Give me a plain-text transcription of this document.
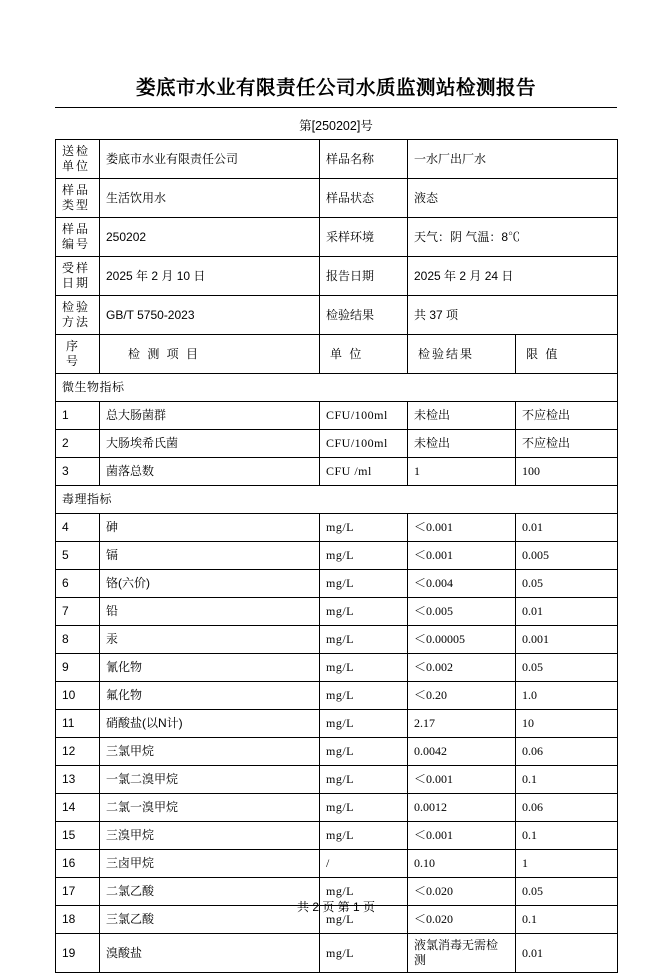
娄底市水业有限责任公司水质监测站检测报告
第[250202]号
送检单位	娄底市水业有限责任公司	样品名称	一水厂出厂水	
样品类型	生活饮用水	样品状态	液态	
样品编号	250202	采样环境	天气：阴 气温：8℃	
受样日期	2025 年 2 月 10 日	报告日期	2025 年 2 月 24 日	
检验方法	GB/T 5750-2023	检验结果	共 37 项	
序号	检 测 项 目	单 位	检验结果	限 值
微生物指标				
1	总大肠菌群	CFU/100ml	未检出	不应检出
2	大肠埃希氏菌	CFU/100ml	未检出	不应检出
3	菌落总数	CFU /ml	1	100
毒理指标				
4	砷	mg/L	＜0.001	0.01
5	镉	mg/L	＜0.001	0.005
6	铬(六价)	mg/L	＜0.004	0.05
7	铅	mg/L	＜0.005	0.01
8	汞	mg/L	＜0.00005	0.001
9	氰化物	mg/L	＜0.002	0.05
10	氟化物	mg/L	＜0.20	1.0
11	硝酸盐(以N计)	mg/L	2.17	10
12	三氯甲烷	mg/L	0.0042	0.06
13	一氯二溴甲烷	mg/L	＜0.001	0.1
14	二氯一溴甲烷	mg/L	0.0012	0.06
15	三溴甲烷	mg/L	＜0.001	0.1
16	三卤甲烷	/	0.10	1
17	二氯乙酸	mg/L	＜0.020	0.05
18	三氯乙酸	mg/L	＜0.020	0.1
19	溴酸盐	mg/L	液氯消毒无需检测	0.01
共 2 页 第 1 页
